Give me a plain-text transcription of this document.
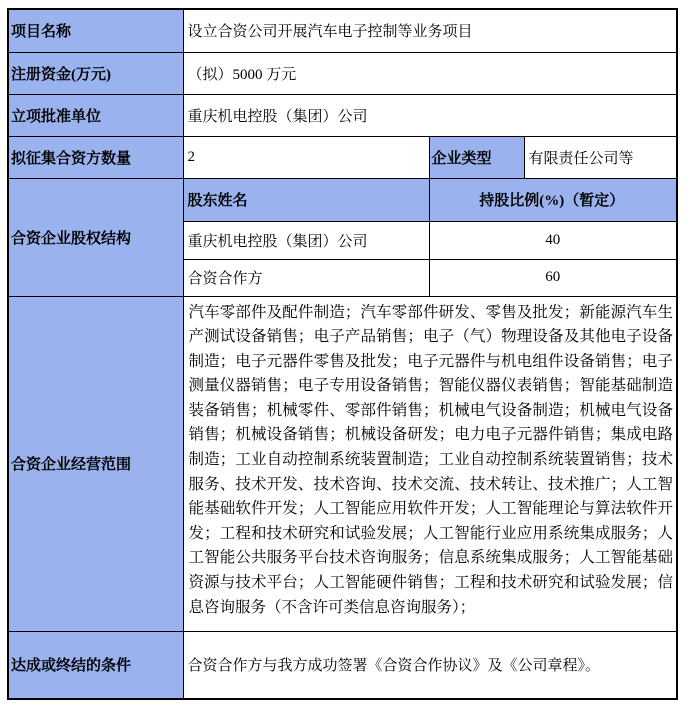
项目名称	设立合资公司开展汽车电子控制等业务项目		
注册资金(万元)	（拟）5000 万元		
立项批准单位	重庆机电控股（集团）公司		
拟征集合资方数量	2	企业类型	有限责任公司等
合资企业股权结构	股东姓名	持股比例(%)（暂定）	
	重庆机电控股（集团）公司	40	
	合资合作方	60	
合资企业经营范围	汽车零部件及配件制造；汽车零部件研发、零售及批发；新能源汽车生产测试设备销售；电子产品销售；电子（气）物理设备及其他电子设备制造；电子元器件零售及批发；电子元器件与机电组件设备销售；电子测量仪器销售；电子专用设备销售；智能仪器仪表销售；智能基础制造装备销售；机械零件、零部件销售；机械电气设备制造；机械电气设备销售；机械设备销售；机械设备研发；电力电子元器件销售；集成电路制造；工业自动控制系统装置制造；工业自动控制系统装置销售；技术服务、技术开发、技术咨询、技术交流、技术转让、技术推广；人工智能基础软件开发；人工智能应用软件开发；人工智能理论与算法软件开发；工程和技术研究和试验发展；人工智能行业应用系统集成服务；人工智能公共服务平台技术咨询服务；信息系统集成服务；人工智能基础资源与技术平台；人工智能硬件销售；工程和技术研究和试验发展；信息咨询服务（不含许可类信息咨询服务）；		
达成或终结的条件	合资合作方与我方成功签署《合资合作协议》及《公司章程》。		
